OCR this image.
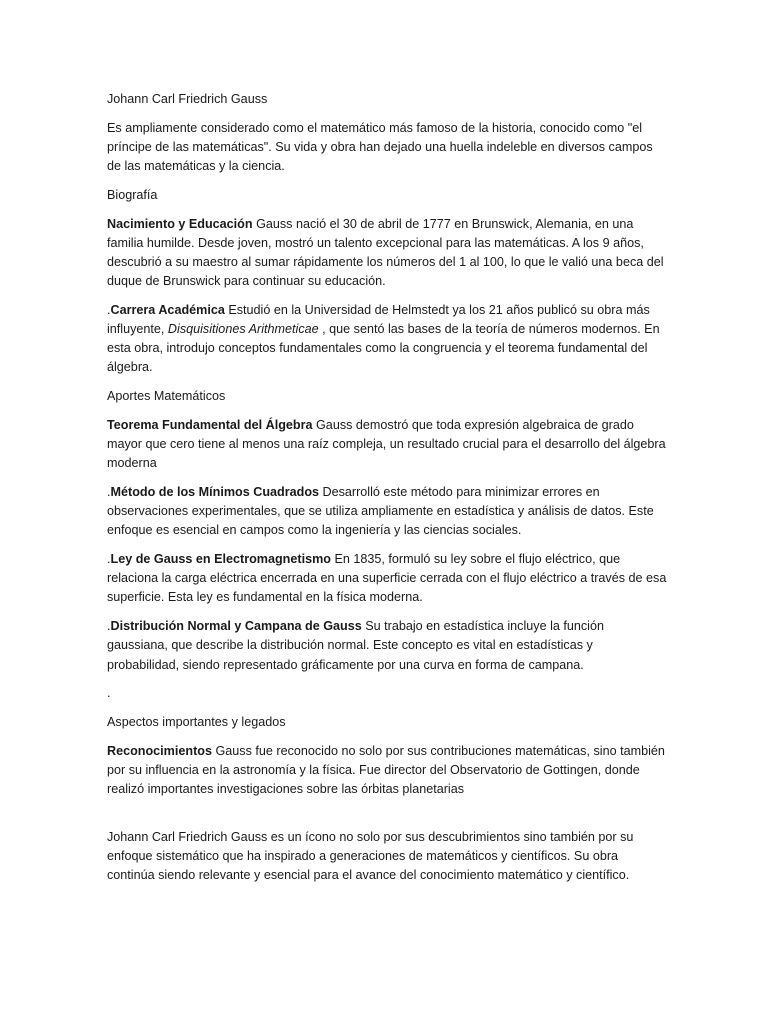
Johann Carl Friedrich Gauss

Es ampliamente considerado como el matemático más famoso de la historia, conocido como "el príncipe de las matemáticas". Su vida y obra han dejado una huella indeleble en diversos campos de las matemáticas y la ciencia.

Biografía

Nacimiento y Educación Gauss nació el 30 de abril de 1777 en Brunswick, Alemania, en una familia humilde. Desde joven, mostró un talento excepcional para las matemáticas. A los 9 años, descubrió a su maestro al sumar rápidamente los números del 1 al 100, lo que le valió una beca del duque de Brunswick para continuar su educación.

.Carrera Académica Estudió en la Universidad de Helmstedt ya los 21 años publicó su obra más influyente, Disquisitiones Arithmeticae , que sentó las bases de la teoría de números modernos. En esta obra, introdujo conceptos fundamentales como la congruencia y el teorema fundamental del álgebra.

Aportes Matemáticos

Teorema Fundamental del Álgebra Gauss demostró que toda expresión algebraica de grado mayor que cero tiene al menos una raíz compleja, un resultado crucial para el desarrollo del álgebra moderna

.Método de los Mínimos Cuadrados Desarrolló este método para minimizar errores en observaciones experimentales, que se utiliza ampliamente en estadística y análisis de datos. Este enfoque es esencial en campos como la ingeniería y las ciencias sociales.

.Ley de Gauss en Electromagnetismo En 1835, formuló su ley sobre el flujo eléctrico, que relaciona la carga eléctrica encerrada en una superficie cerrada con el flujo eléctrico a través de esa superficie. Esta ley es fundamental en la física moderna.

.Distribución Normal y Campana de Gauss Su trabajo en estadística incluye la función gaussiana, que describe la distribución normal. Este concepto es vital en estadísticas y probabilidad, siendo representado gráficamente por una curva en forma de campana.

.

Aspectos importantes y legados

Reconocimientos Gauss fue reconocido no solo por sus contribuciones matemáticas, sino también por su influencia en la astronomía y la física. Fue director del Observatorio de Gottingen, donde realizó importantes investigaciones sobre las órbitas planetarias

Johann Carl Friedrich Gauss es un ícono no solo por sus descubrimientos sino también por su enfoque sistemático que ha inspirado a generaciones de matemáticos y científicos. Su obra continúa siendo relevante y esencial para el avance del conocimiento matemático y científico.
